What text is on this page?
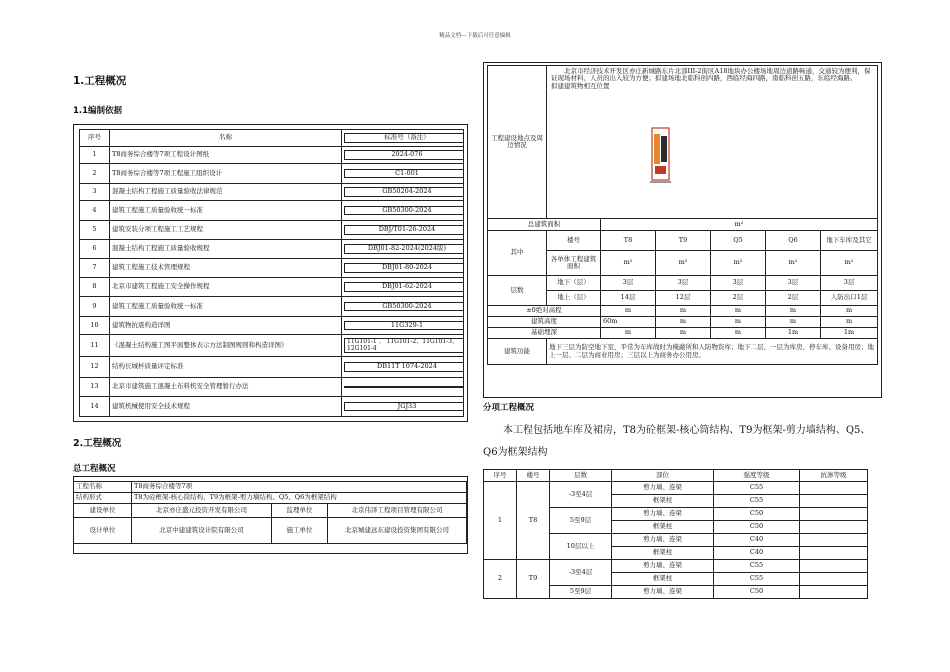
精品文档---下载后可任意编辑
1.工程概况
1.1编制依据
序号	名称	标准号（备注）

1	T8商务综合楼等7项工程设计图纸	2024-076

2	T8商务综合楼等7项工程施工组织设计	C1-001

3	混凝土结构工程施工质量验收法律规范	GB50204-2024

4	建筑工程施工质量验收统一标准	GB50300-2024

5	建筑安装分项工程施工工艺规程	DBJ/T01-26-2024

6	混凝土结构工程施工质量验收规程	DBJ01-82-2024(2024版)

7	建筑工程施工技术管理规程	DBJ01-80-2024

8	北京市建筑工程施工安全操作规程	DBJ01-62-2024

9	建筑工程施工质量验收统一标准	GB50300-2024

10	建筑物抗震构造详图	11G329-1

11	《混凝土结构施工图平面整体表示方法制图规则和构造详图》	11G101-1 、 11G101-2、11G101-3、12G101-4

12	结构长城杯质量评定标准	DB11T 1074-2024

13	北京市建筑施工混凝土布料机安全管理暂行办法	

14	建筑机械使用安全技术规程	JGJ33
2.工程概况
总工程概况
工程名称	T8商务综合楼等7项		
结构形式	T8为砼框架-核心筒结构、T9为框架-剪力墙结构、Q5、Q6为框架结构		
建设单位	北京亦庄盛元投资开发有限公司	监理单位	北京伟泽工程项目管理有限公司
设计单位	北京中建建筑设计院有限公司	施工单位	北京城建远东建设投资集团有限公司
工程建设地点及周边情况	北京市经济技术开发区亦庄新城路东片北部III-2街区A18地块办公楼场地周边道路畅通，交通较为便利，保证现场材料、人员的出入较为方便；拟建场地北临科创四路，西临经海四路，南临科创五路，东临经海路。
拟建建筑物相互位置					

总建筑面积		m²				
其中	楼号	T8	T9	Q5	Q6	地下车库及其它
	各单体工程建筑面积	m²	m²	m²	m²	m²
层数	地下（层）	3层	3层	3层	3层	3层
	地上（层）	14层	12层	2层	2层	人防出口1层
±0绝对高程		m	m	m	m	m
建筑高度		60m	m	m	m	m
基础埋深		m	m	m	1m	1m
建筑功能	地下三层为防空地下室，平常为车库战时为掩蔽所和人防物资库；地下二层、一层为库房、停车库、设备用房；地上一层、二层为商业用房；三层以上为商务办公用房。					
分项工程概况
本工程包括地车库及裙房，T8为砼框架-核心筒结构、T9为框架-剪力墙结构、Q5、Q6为框架结构
序号	楼号	层数	部位	强度等级	抗渗等级
1	T8	-3至4层	剪力墙、连梁	C55	
			框架柱	C55	
		5至9层	剪力墙、连梁	C50	
			框架柱	C50	
		10层以上	剪力墙、连梁	C40	
			框架柱	C40	
2	T9	-3至4层	剪力墙、连梁	C55	
			框架柱	C55	
		5至9层	剪力墙、连梁	C50	
